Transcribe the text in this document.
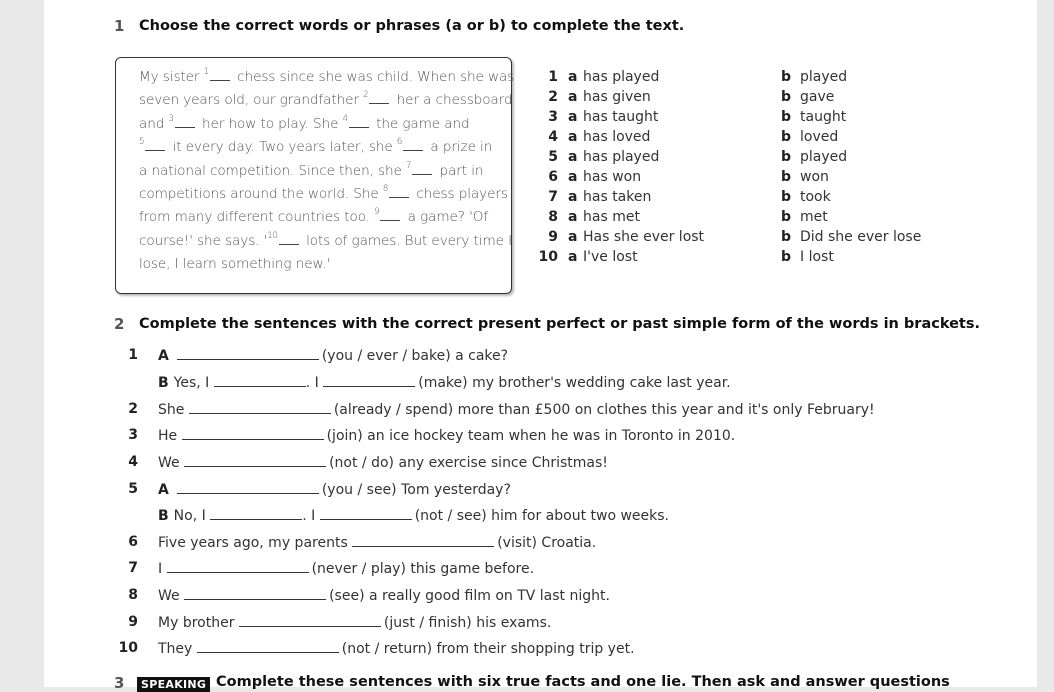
1 Choose the correct words or phrases (a or b) to complete the text.
My sister $^1$ chess since she was child. When she was
seven years old, our grandfather $^2$ her a chessboard
and $^3$ her how to play. She $^4$ the game and
$^5$ it every day. Two years later, she $^6$ a prize in
a national competition. Since then, she $^7$ part in
competitions around the world. She $^8$ chess players
from many different countries too. $^9$ a game? 'Of
course!' she says. '$^{10}$ lots of games. But every time I
lose, I learn something new.'
1 a has played	b played
2 a has given	b gave
3 a has taught	b taught
4 a has loved	b loved
5 a has played	b played
6 a has won	b won
7 a has taken	b took
8 a has met	b met
9 a Has she ever lost	b Did she ever lose
10 a I've lost	b I lost
2 Complete the sentences with the correct present perfect or past simple form of the words in brackets.
1 A	(you / ever / bake) a cake?
B Yes, I	. I	(make) my brother's wedding cake last year.
2 She	(already / spend) more than £500 on clothes this year and it's only February!
3 He	(join) an ice hockey team when he was in Toronto in 2010.
4 We	(not / do) any exercise since Christmas!
5 A	(you / see) Tom yesterday?
B No, I	. I	(not / see) him for about two weeks.
6 Five years ago, my parents	(visit) Croatia.
7 I	(never / play) this game before.
8 We	(see) a really good film on TV last night.
9 My brother	(just / finish) his exams.
10 They	(not / return) from their shopping trip yet.
3	SPEAKING Complete these sentences with six true facts and one lie. Then ask and answer questions
